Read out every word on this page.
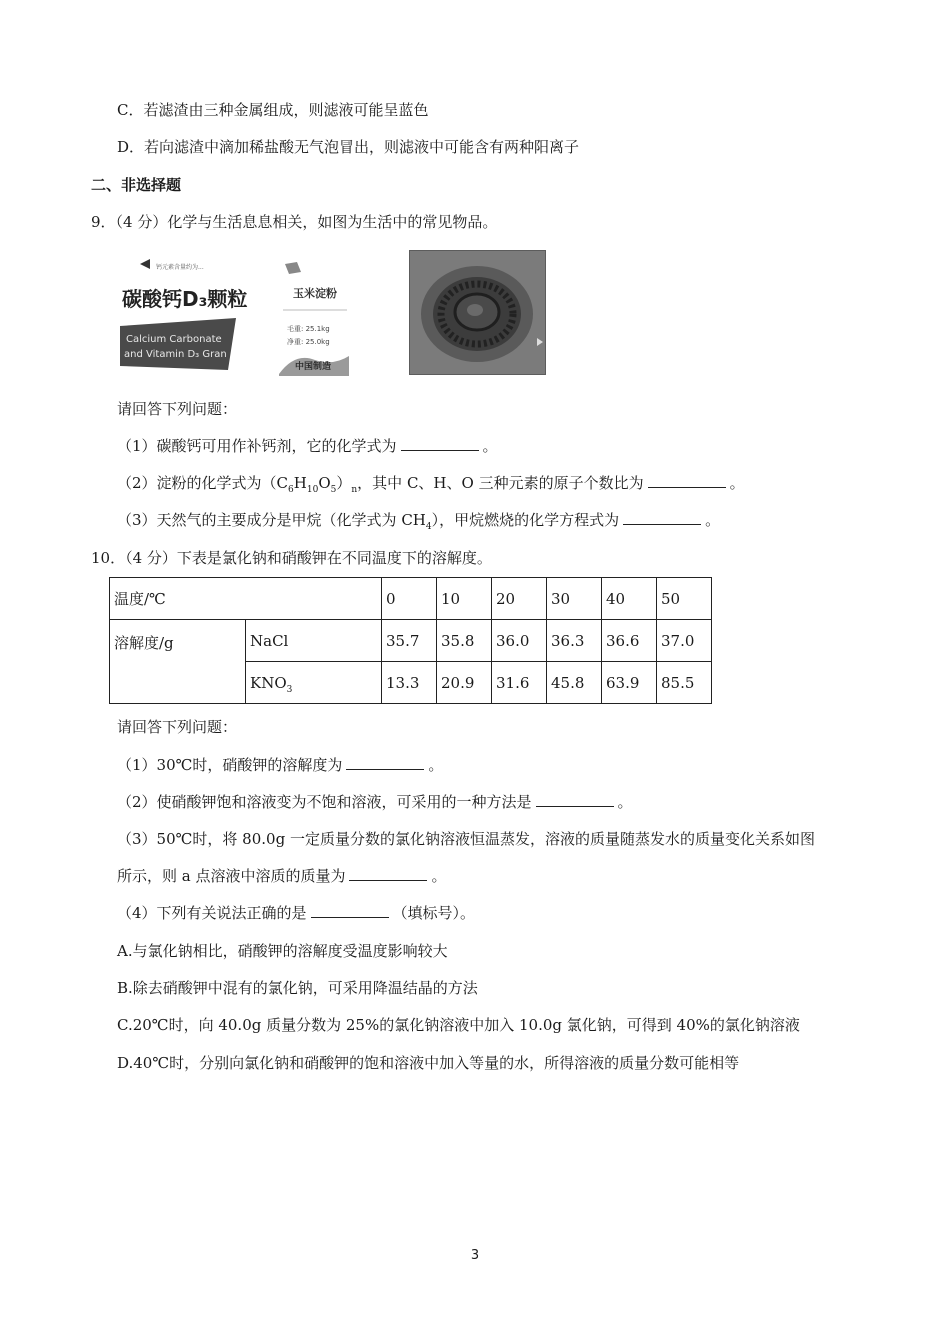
C．若滤渣由三种金属组成，则滤液可能呈蓝色
D．若向滤渣中滴加稀盐酸无气泡冒出，则滤液中可能含有两种阳离子
二、非选择题
9．（4 分）化学与生活息息相关，如图为生活中的常见物品。
钙元素含量约为...
碳酸钙D₃颗粒
Calcium Carbonate
and Vitamin D₃ Gran
玉米淀粉
毛重: 25.1kg
净重: 25.0kg
中国制造
请回答下列问题：
（1）碳酸钙可用作补钙剂，它的化学式为	。
（2）淀粉的化学式为$(C_6H_{10}O_5)_n$，其中 C、H、O 三种元素的原子个数比为	。
（3）天然气的主要成分是甲烷（化学式为 $CH_4$），甲烷燃烧的化学方程式为	。
10．（4 分）下表是氯化钠和硝酸钾在不同温度下的溶解度。
温度/℃		0	10	20	30	40	50
溶解度/g	NaCl	35.7	35.8	36.0	36.3	36.6	37.0
	$KNO_3$	13.3	20.9	31.6	45.8	63.9	85.5
请回答下列问题：
（1）30℃时，硝酸钾的溶解度为	。
（2）使硝酸钾饱和溶液变为不饱和溶液，可采用的一种方法是	。
（3）50℃时，将 80.0g 一定质量分数的氯化钠溶液恒温蒸发，溶液的质量随蒸发水的质量变化关系如图
所示，则 a 点溶液中溶质的质量为	。
（4）下列有关说法正确的是	（填标号）。
A.与氯化钠相比，硝酸钾的溶解度受温度影响较大
B.除去硝酸钾中混有的氯化钠，可采用降温结晶的方法
C.20℃时，向 40.0g 质量分数为 25%的氯化钠溶液中加入 10.0g 氯化钠，可得到 40%的氯化钠溶液
D.40℃时，分别向氯化钠和硝酸钾的饱和溶液中加入等量的水，所得溶液的质量分数可能相等
3
